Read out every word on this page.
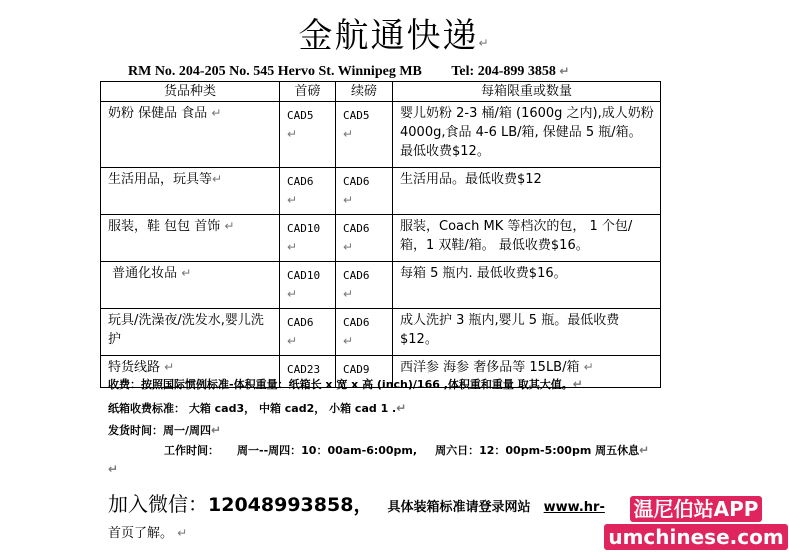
金航通快递↵
RM No. 204-205 No. 545 Hervo St. Winnipeg MB Tel: 204-899 3858 ↵
货品种类	首磅	续磅	每箱限重或数量
奶粉 保健品 食品 ↵	CAD5 ↵	CAD5 ↵	婴儿奶粉 2-3 桶/箱 (1600g 之内),成人奶粉 4000g,食品 4-6 LB/箱, 保健品 5 瓶/箱。最低收费$12。
生活用品，玩具等↵	CAD6 ↵	CAD6 ↵	生活用品。最低收费$12
服装，鞋 包包 首饰 ↵	CAD10 ↵	CAD6 ↵	服装，Coach MK 等档次的包， 1 个包/箱，1 双鞋/箱。 最低收费$16。
普通化妆品 ↵	CAD10 ↵	CAD6 ↵	每箱 5 瓶内. 最低收费$16。
玩具/洗澡夜/洗发水,婴儿洗护	CAD6 ↵	CAD6 ↵	成人洗护 3 瓶内,婴儿 5 瓶。最低收费$12。
特货线路 ↵	CAD23	CAD9	西洋参 海参 奢侈品等 15LB/箱 ↵
收费：按照国际惯例标准-体积重量：纸箱长 x 宽 x 高 (inch)/166 ,体积重和重量 取其大值。↵
纸箱收费标准： 大箱 cad3， 中箱 cad2， 小箱 cad 1 .↵
发货时间：周一/周四↵
工作时间： 周一--周四：10：00am-6:00pm, 周六日：12：00pm-5:00pm 周五休息↵
↵
加入微信：12048993858， 具体装箱标准请登录网站 www.hr-
首页了解。 ↵
温尼伯站APP
umchinese.com
